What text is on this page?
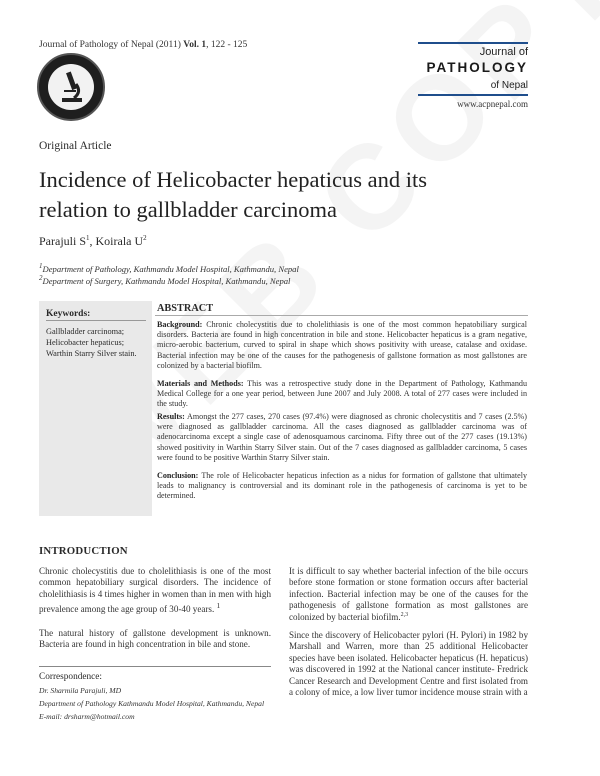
Journal of Pathology of Nepal (2011) Vol. 1, 122 - 125
Journal of
PATHOLOGY
of Nepal
www.acpnepal.com
Original Article
Incidence of Helicobacter hepaticus and its relation to gallbladder carcinoma
Parajuli $S^1$, Koirala $U^2$
$^1$Department of Pathology, Kathmandu Model Hospital, Kathmandu, Nepal
$^2$Department of Surgery, Kathmandu Model Hospital, Kathmandu, Nepal
Keywords:
Gallbladder carcinoma;
Helicobacter hepaticus;
Warthin Starry Silver stain.
ABSTRACT
Background: Chronic cholecystitis due to cholelithiasis is one of the most common hepatobiliary surgical disorders. Bacteria are found in high concentration in bile and stone. Helicobacter hepaticus is a gram negative, micro-aerobic bacterium, curved to spiral in shape which shows positivity with urease, catalase and oxidase. Bacterial infection may be one of the causes for the pathogenesis of gallstone formation as most gallstones are colonized by a bacterial biofilm.
Materials and Methods: This was a retrospective study done in the Department of Pathology, Kathmandu Medical College for a one year period, between June 2007 and July 2008. A total of 277 cases were included in the study.
Results: Amongst the 277 cases, 270 cases (97.4%) were diagnosed as chronic cholecystitis and 7 cases (2.5%) were diagnosed as gallbladder carcinoma. All the cases diagnosed as gallbladder carcinoma was of adenocarcinoma except a single case of adenosquamous carcinoma. Fifty three out of the 277 cases (19.13%) showed positivity in Warthin Starry Silver stain. Out of the 7 cases diagnosed as gallbladder carcinoma, 5 cases were found to be positive Warthin Starry Silver stain.
Conclusion: The role of Helicobacter hepaticus infection as a nidus for formation of gallstone that ultimately leads to malignancy is controversial and its dominant role in the pathogenesis of carcinoma is yet to be determined.
INTRODUCTION
Chronic cholecystitis due to cholelithiasis is one of the most common hepatobiliary surgical disorders. The incidence of cholelithiasis is 4 times higher in women than in men with high prevalence among the age group of 30-40 years. $^1$
The natural history of gallstone development is unknown. Bacteria are found in high concentration in bile and stone.
Correspondence:
Dr. Sharmila Parajuli, MD
Department of Pathology Kathmandu Model Hospital, Kathmandu, Nepal
E-mail: drsharm@hotmail.com
It is difficult to say whether bacterial infection of the bile occurs before stone formation or stone formation occurs after bacterial infection. Bacterial infection may be one of the causes for the pathogenesis of gallstone formation as most gallstones are colonized by bacterial biofilm.$^{2,3}$
Since the discovery of Helicobacter pylori (H. Pylori) in 1982 by Marshall and Warren, more than 25 additional Helicobacter species have been isolated. Helicobacter hepaticus (H. hepaticus) was discovered in 1992 at the National cancer institute- Fredrick Cancer Research and Development Centre and first isolated from a colony of mice, a low liver tumor incidence mouse strain with a
